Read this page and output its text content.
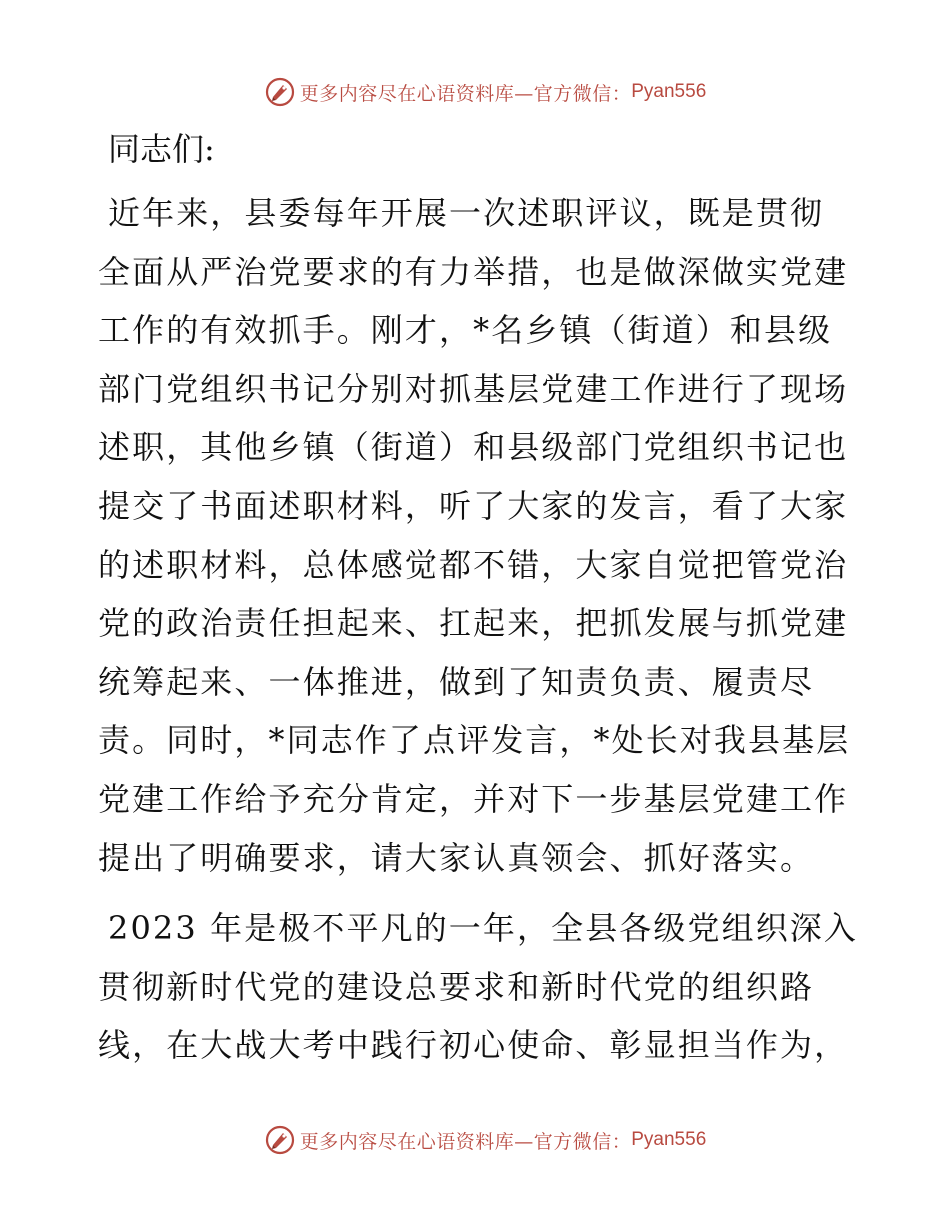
更多内容尽在心语资料库—官方微信： Pyan556
同志们:
近年来，县委每年开展一次述职评议，既是贯彻
全面从严治党要求的有力举措，也是做深做实党建
工作的有效抓手。刚才，*名乡镇（街道）和县级
部门党组织书记分别对抓基层党建工作进行了现场
述职，其他乡镇（街道）和县级部门党组织书记也
提交了书面述职材料，听了大家的发言，看了大家
的述职材料，总体感觉都不错，大家自觉把管党治
党的政治责任担起来、扛起来，把抓发展与抓党建
统筹起来、一体推进，做到了知责负责、履责尽
责。同时，*同志作了点评发言，*处长对我县基层
党建工作给予充分肯定，并对下一步基层党建工作
提出了明确要求，请大家认真领会、抓好落实。
2023 年是极不平凡的一年，全县各级党组织深入
贯彻新时代党的建设总要求和新时代党的组织路
线，在大战大考中践行初心使命、彰显担当作为，
更多内容尽在心语资料库—官方微信： Pyan556
